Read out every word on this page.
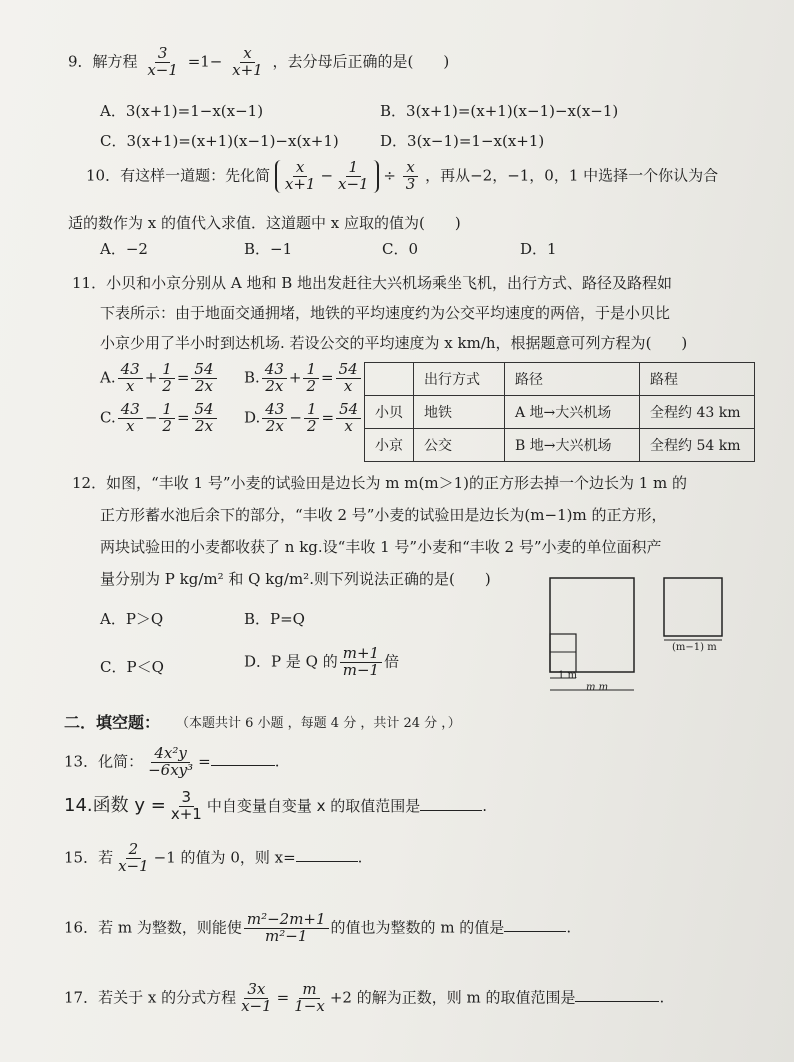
9．解方程 $\frac{3}{x-1} =1- \frac{x}{x+1}$ ，去分母后正确的是(　　)
A．3(x+1)=1−x(x−1)	B．3(x+1)=(x+1)(x−1)−x(x−1)
C．3(x+1)=(x+1)(x−1)−x(x+1)	D．3(x−1)=1−x(x+1)
10．有这样一道题：先化简 $\frac{x}{x+1} - \frac{1}{x-1} \div \frac{x}{3}$ ，再从−2，−1，0，1 中选择一个你认为合
适的数作为 x 的值代入求值．这道题中 x 应取的值为(　　)
A．−2	B．−1	C．0	D．1
11．小贝和小京分别从 A 地和 B 地出发赶往大兴机场乘坐飞机，出行方式、路径及路程如
下表所示：由于地面交通拥堵，地铁的平均速度约为公交平均速度的两倍，于是小贝比
小京少用了半小时到达机场. 若设公交的平均速度为 x km/h，根据题意可列方程为(　　)
A. $\frac{43}{x} + \frac{1}{2} = \frac{54}{2x} B$. $\frac{43}{2x} + \frac{1}{2} = \frac{54}{x}$
C. $\frac{43}{x} - \frac{1}{2} = \frac{54}{2x} D$. $\frac{43}{2x} - \frac{1}{2} = \frac{54}{x}$
	出行方式	路径	路程
小贝	地铁	A 地→大兴机场	全程约 43 km
小京	公交	B 地→大兴机场	全程约 54 km
12．如图，“丰收 1 号”小麦的试验田是边长为 m m(m＞1)的正方形去掉一个边长为 1 m 的
正方形蓄水池后余下的部分，“丰收 2 号”小麦的试验田是边长为(m−1)m 的正方形，
两块试验田的小麦都收获了 n kg.设“丰收 1 号”小麦和“丰收 2 号”小麦的单位面积产
量分别为 P kg/m² 和 Q kg/m².则下列说法正确的是(　　)
A．P＞Q	B．P=Q
C．P＜Q	D．P 是 Q 的 $\frac{m+1}{m-1}$ 倍
1 m
m m
(m−1) m
二．填空题： （本题共计 6 小题 ，每题 4 分 ，共计 24 分 ，）
13．化简： $\frac{\text{4x²y}}{\text{−6xy³}}$ =	.
14.函数 $y = \frac{3}{x+1}$ 中自变量自变量 x 的取值范围是	.
15．若 $\frac{2}{x-1} -1$ 的值为 0，则 x=	.
16．若 m 为整数，则能使 $\frac{\text{m²−2m+1}}{\text{m²−1}}$ 的值也为整数的 m 的值是	.
17．若关于 x 的分式方程 $\frac{3x}{x-1} = \frac{m}{1-x} +2$ 的解为正数，则 m 的取值范围是	.
